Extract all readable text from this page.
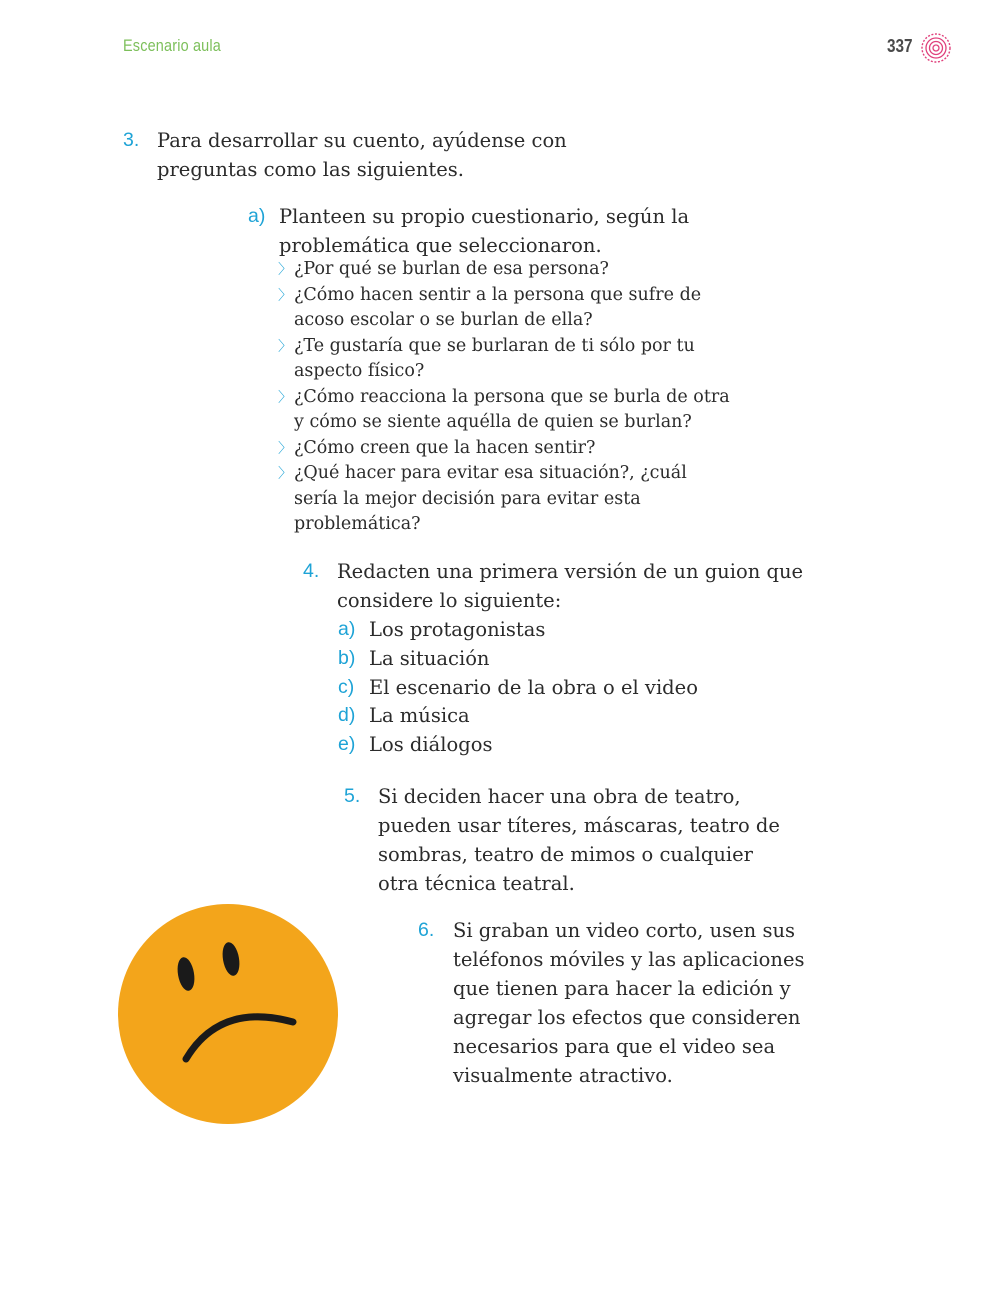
Escenario aula	337
3. Para desarrollar su cuento, ayúdense con
preguntas como las siguientes.
a) Planteen su propio cuestionario, según la
problemática que seleccionaron.
〉 ¿Por qué se burlan de esa persona?
〉 ¿Cómo hacen sentir a la persona que sufre de
acoso escolar o se burlan de ella?
〉 ¿Te gustaría que se burlaran de ti sólo por tu
aspecto físico?
〉 ¿Cómo reacciona la persona que se burla de otra
y cómo se siente aquélla de quien se burlan?
〉 ¿Cómo creen que la hacen sentir?
〉 ¿Qué hacer para evitar esa situación?, ¿cuál
sería la mejor decisión para evitar esta
problemática?
4. Redacten una primera versión de un guion que
considere lo siguiente:
a) Los protagonistas
b) La situación
c) El escenario de la obra o el video
d) La música
e) Los diálogos
5. Si deciden hacer una obra de teatro,
pueden usar títeres, máscaras, teatro de
sombras, teatro de mimos o cualquier
otra técnica teatral.
6. Si graban un video corto, usen sus
teléfonos móviles y las aplicaciones
que tienen para hacer la edición y
agregar los efectos que consideren
necesarios para que el video sea
visualmente atractivo.
